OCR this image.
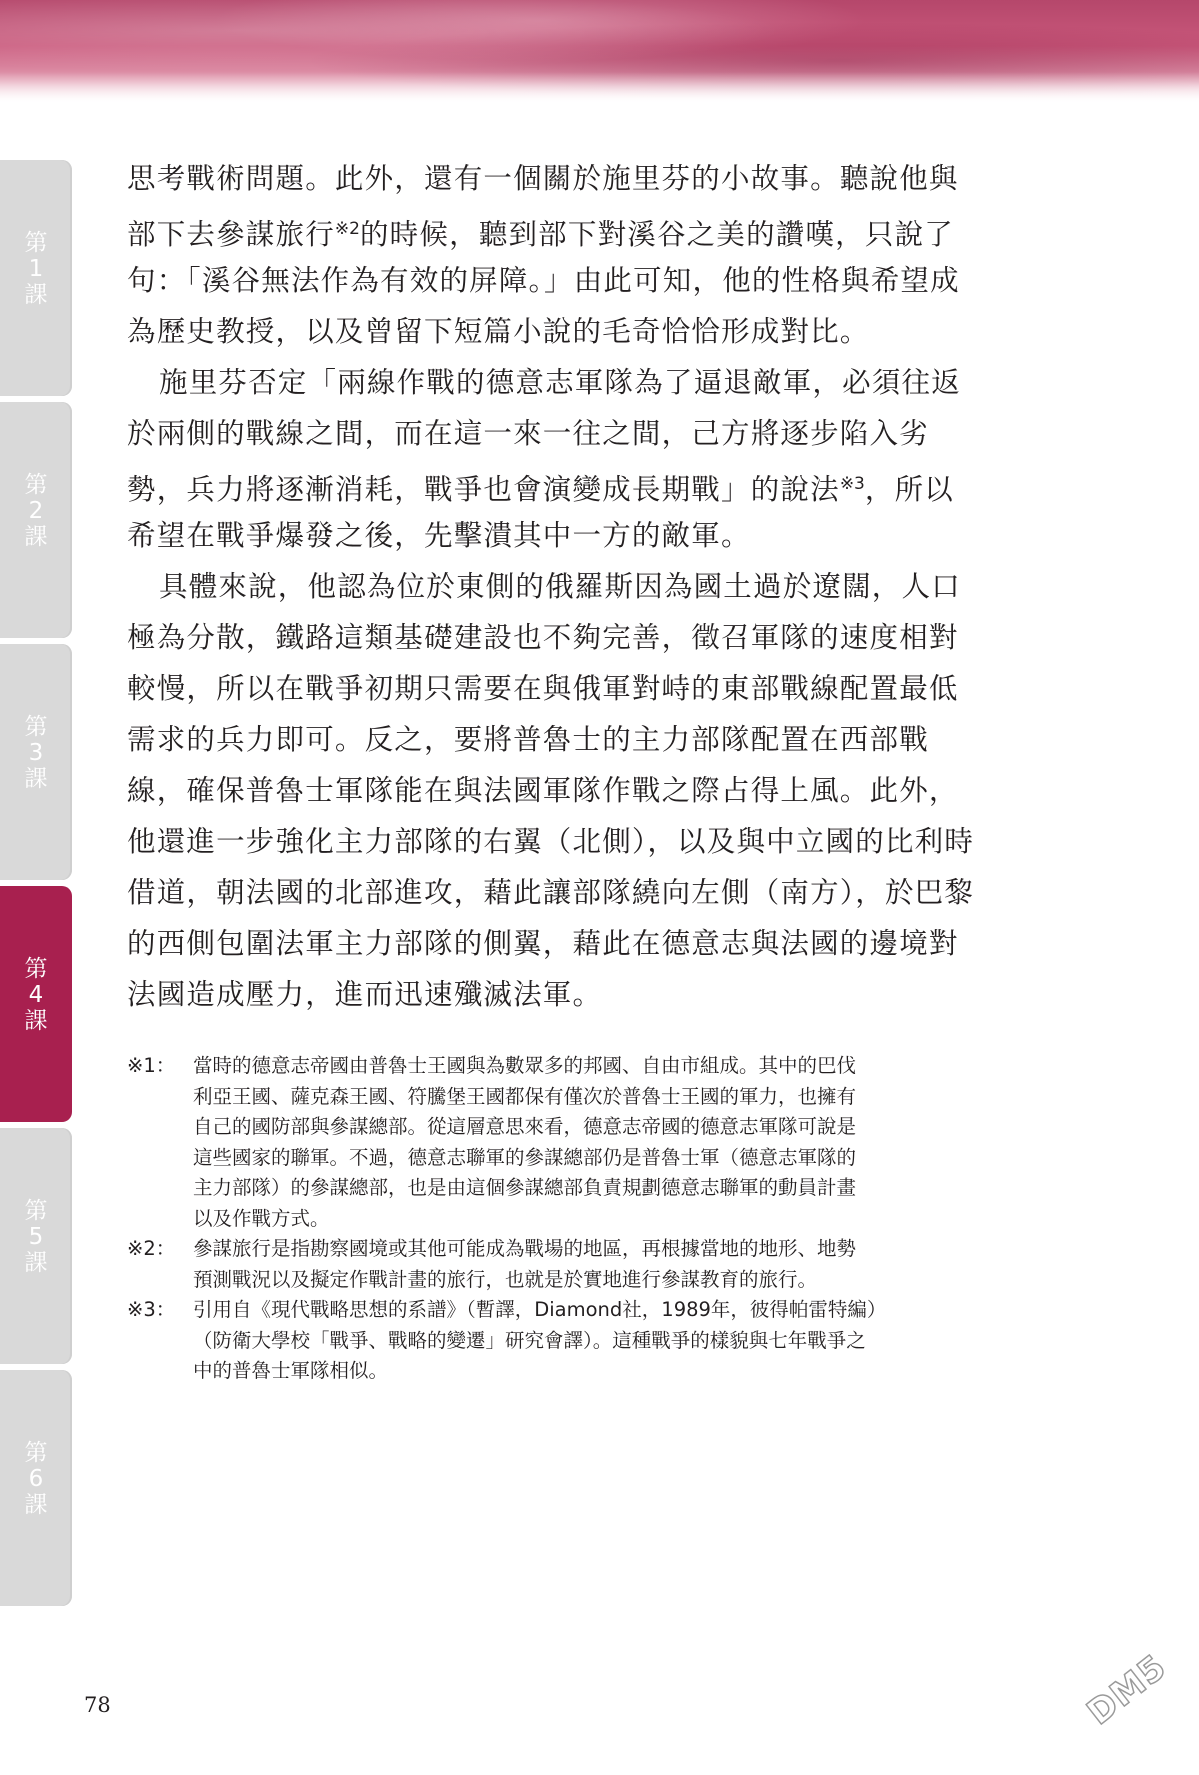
第
1
課
第
2
課
第
3
課
第
4
課
第
5
課
第
6
課
思考戰術問題。此外，還有一個關於施里芬的小故事。聽說他與
部下去參謀旅行$^{※2}$的時候，聽到部下對溪谷之美的讚嘆，只說了
句：「溪谷無法作為有效的屏障。」由此可知，他的性格與希望成
為歷史教授，以及曾留下短篇小說的毛奇恰恰形成對比。
施里芬否定「兩線作戰的德意志軍隊為了逼退敵軍，必須往返
於兩側的戰線之間，而在這一來一往之間，己方將逐步陷入劣
勢，兵力將逐漸消耗，戰爭也會演變成長期戰」的說法$^{※3}$，所以
希望在戰爭爆發之後，先擊潰其中一方的敵軍。
具體來說，他認為位於東側的俄羅斯因為國土過於遼闊，人口
極為分散，鐵路這類基礎建設也不夠完善，徵召軍隊的速度相對
較慢，所以在戰爭初期只需要在與俄軍對峙的東部戰線配置最低
需求的兵力即可。反之，要將普魯士的主力部隊配置在西部戰
線，確保普魯士軍隊能在與法國軍隊作戰之際占得上風。此外，
他還進一步強化主力部隊的右翼（北側），以及與中立國的比利時
借道，朝法國的北部進攻，藉此讓部隊繞向左側（南方），於巴黎
的西側包圍法軍主力部隊的側翼，藉此在德意志與法國的邊境對
法國造成壓力，進而迅速殲滅法軍。
※1： 當時的德意志帝國由普魯士王國與為數眾多的邦國、自由市組成。其中的巴伐
利亞王國、薩克森王國、符騰堡王國都保有僅次於普魯士王國的軍力，也擁有
自己的國防部與參謀總部。從這層意思來看，德意志帝國的德意志軍隊可說是
這些國家的聯軍。不過，德意志聯軍的參謀總部仍是普魯士軍（德意志軍隊的
主力部隊）的參謀總部，也是由這個參謀總部負責規劃德意志聯軍的動員計畫
以及作戰方式。
※2： 參謀旅行是指勘察國境或其他可能成為戰場的地區，再根據當地的地形、地勢
預測戰況以及擬定作戰計畫的旅行，也就是於實地進行參謀教育的旅行。
※3： 引用自《現代戰略思想的系譜》（暫譯，Diamond社，1989年，彼得帕雷特編）
（防衛大學校「戰爭、戰略的變遷」研究會譯）。這種戰爭的樣貌與七年戰爭之
中的普魯士軍隊相似。
78	DM5
